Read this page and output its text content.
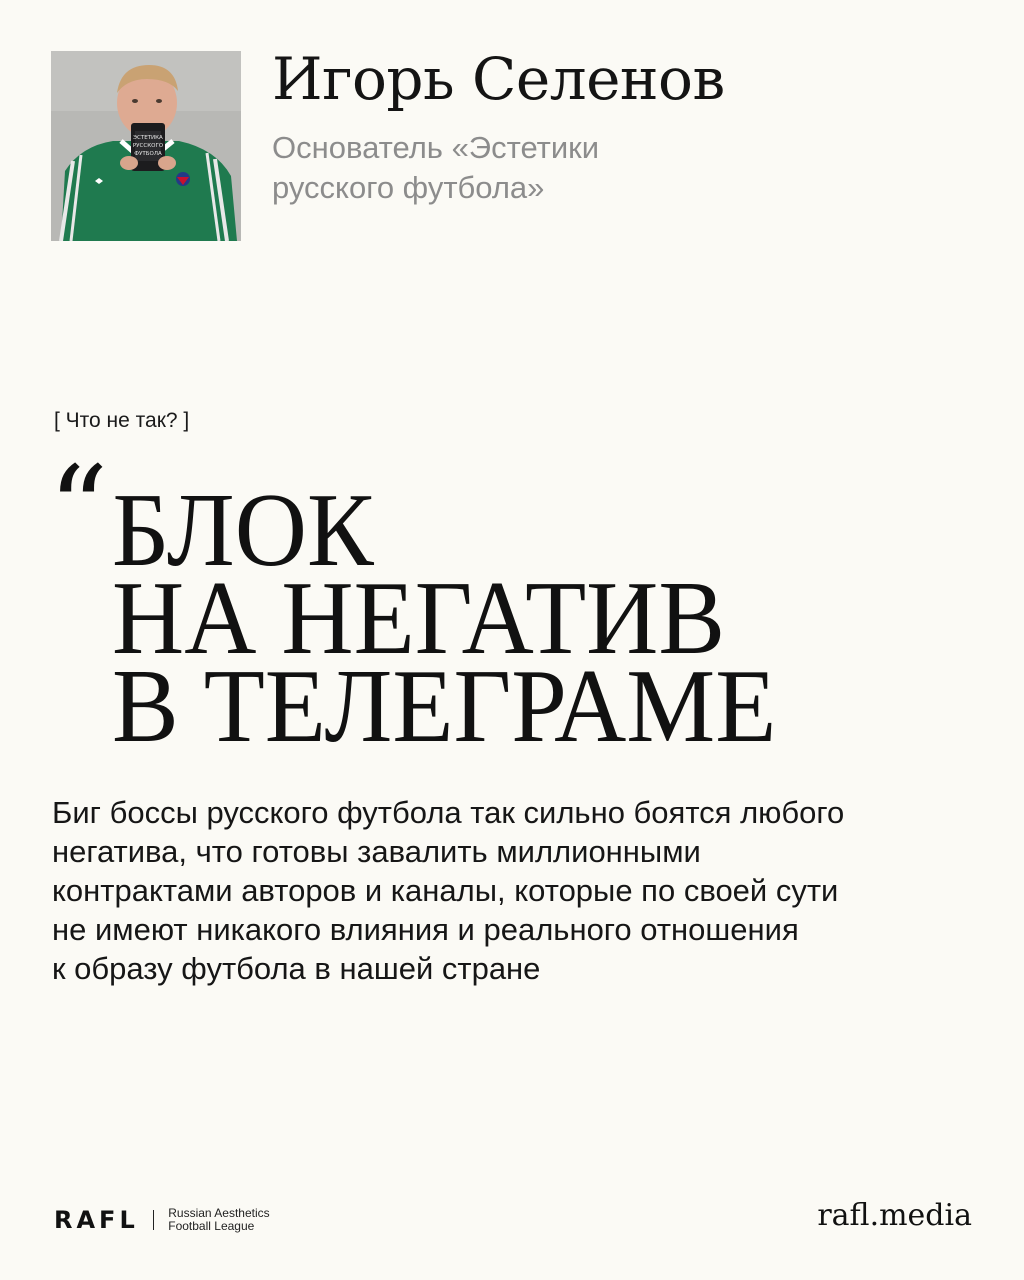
ЭСТЕТИКА
РУССКОГО
ФУТБОЛА
Игорь Селенов
Основатель «Эстетики
русского футбола»
[ Что не так? ]
“ БЛОК
НА НЕГАТИВ
В ТЕЛЕГРАМЕ
Биг боссы русского футбола так сильно боятся любого
негатива, что готовы завалить миллионными
контрактами авторов и каналы, которые по своей сути
не имеют никакого влияния и реального отношения
к образу футбола в нашей стране
RAFL Russian Aesthetics
Football League	rafl.media
